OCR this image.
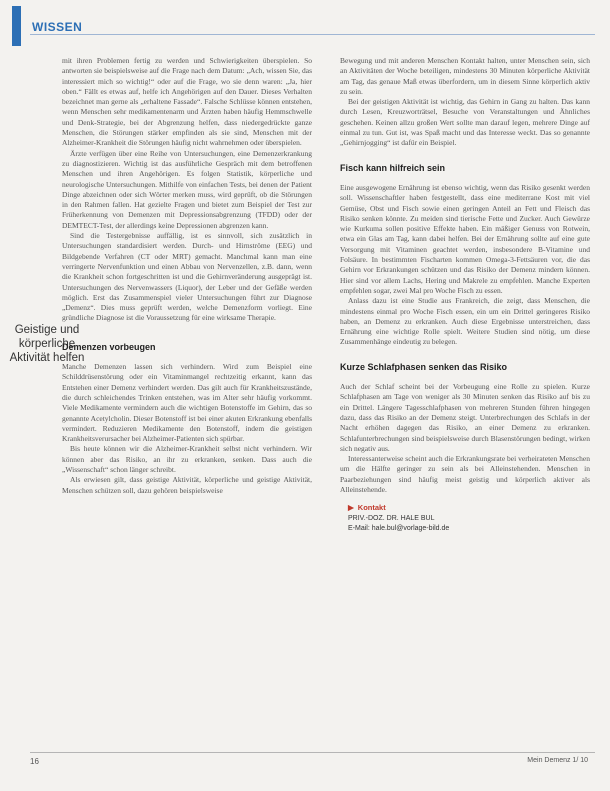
WISSEN
Geistige und körperliche Aktivität helfen

mit ihren Problemen fertig zu werden und Schwierigkeiten überspielen. So antworten sie beispielsweise auf die Frage nach dem Datum: „Ach, wissen Sie, das interessiert mich so wichtig!“ oder auf die Frage, wo sie denn waren: „Ja, hier oben.“ Fällt es etwas auf, helfe ich Angehörigen auf den Dauer. Dieses Verhalten bezeichnet man gerne als „erhaltene Fassade“. Falsche Schlüsse können entstehen, wenn Menschen sehr medikamentenarm und Ärzten haben häufig Hemmschwelle und Denk-Strategie, bei der Abgrenzung helfen, dass niedergedrückte ganze Menschen, die Störungen stärker empfinden als sie sind, Menschen mit der Alzheimer-Krankheit die Störungen häufig nicht wahrnehmen oder überspielen.

Ärzte verfügen über eine Reihe von Untersuchungen, eine Demenzerkrankung zu diagnostizieren. Wichtig ist das ausführliche Gespräch mit dem betroffenen Menschen und ihren Angehörigen. Es folgen Statistik, körperliche und neurologische Untersuchungen. Mithilfe von einfachen Tests, bei denen der Patient Dinge abzeichnen oder sich Wörter merken muss, wird geprüft, ob die Störungen in den Rahmen fallen. Hat gezielte Fragen und bietet zum Beispiel der Test zur Früherkennung von Demenzen mit Depressionsabgrenzung (TFDD) oder der DEMTECT-Test, der allerdings keine Depressionen abgrenzen kann.

Sind die Testergebnisse auffällig, ist es sinnvoll, sich zusätzlich in Untersuchungen standardisiert werden. Durch- und Hirnströme (EEG) und Bildgebende Verfahren (CT oder MRT) gemacht. Manchmal kann man eine verringerte Nervenfunktion und einen Abbau von Nervenzellen, z.B. dann, wenn die Krankheit schon fortgeschritten ist und die Gehirnveränderung ausgeprägt ist. Untersuchungen des Nervenwassers (Liquor), der Leber und der Gefäße werden möglich. Erst das Zusammenspiel vieler Untersuchungen führt zur Diagnose „Demenz“. Dies muss geprüft werden, welche Demenzform vorliegt. Eine gründliche Diagnose ist die Voraussetzung für eine wirksame Therapie.

Demenzen vorbeugen

Manche Demenzen lassen sich verhindern. Wird zum Beispiel eine Schilddrüsenstörung oder ein Vitaminmangel rechtzeitig erkannt, kann das Entstehen einer Demenz verhindert werden. Das gilt auch für Krankheitszustände, die durch schleichendes Trinken entstehen, was im Alter sehr häufig vorkommt. Viele Medikamente vermindern auch die wichtigen Botenstoffe im Gehirn, das so genannte Acetylcholin. Dieser Botenstoff ist bei einer akuten Erkrankung ebenfalls vermindert. Reduzieren Medikamente den Botenstoff, indem die geistigen Krankheitsverursacher bei Alzheimer-Patienten sich spürbar.

Bis heute können wir die Alzheimer-Krankheit selbst nicht verhindern. Wir können aber das Risiko, an ihr zu erkranken, senken. Dass auch die „Wissenschaft“ schon länger schreibt.

Als erwiesen gilt, dass geistige Aktivität, körperliche und geistige Aktivität, Menschen schützen soll, dazu gehören beispielsweise

Bewegung und mit anderen Menschen Kontakt halten, unter Menschen sein, sich an Aktivitäten der Woche beteiligen, mindestens 30 Minuten körperliche Aktivität am Tag, das genaue Maß etwas überfordern, um in diesem Sinne körperlich aktiv zu sein.

Bei der geistigen Aktivität ist wichtig, das Gehirn in Gang zu halten. Das kann durch Lesen, Kreuzworträtsel, Besuche von Veranstaltungen und Ähnliches geschehen. Keinen allzu großen Wert sollte man darauf legen, mehrere Dinge auf einmal zu tun. Gut ist, was Spaß macht und das Interesse weckt. Das so genannte „Gehirnjogging“ ist dafür ein Beispiel.

Fisch kann hilfreich sein

Eine ausgewogene Ernährung ist ebenso wichtig, wenn das Risiko gesenkt werden soll. Wissenschaftler haben festgestellt, dass eine mediterrane Kost mit viel Gemüse, Obst und Fisch sowie einen geringen Anteil an Fett und Fleisch das Risiko senken könnte. Zu meiden sind tierische Fette und Zucker. Auch Gewürze wie Kurkuma sollen positive Effekte haben. Ein mäßiger Genuss von Rotwein, etwa ein Glas am Tag, kann dabei helfen. Bei der Ernährung sollte auf eine gute Versorgung mit Vitaminen geachtet werden, insbesondere B-Vitamine und Folsäure. In bestimmten Fischarten kommen Omega-3-Fettsäuren vor, die das Gehirn vor Erkrankungen schützen und das Risiko der Demenz mindern können. Hier sind vor allem Lachs, Hering und Makrele zu empfehlen. Manche Experten empfehlen sogar, zwei Mal pro Woche Fisch zu essen.

Anlass dazu ist eine Studie aus Frankreich, die zeigt, dass Menschen, die mindestens einmal pro Woche Fisch essen, ein um ein Drittel geringeres Risiko haben, an Demenz zu erkranken. Auch diese Ergebnisse unterstreichen, dass Ernährung eine wichtige Rolle spielt. Weitere Studien sind nötig, um diese Zusammenhänge eindeutig zu belegen.

Kurze Schlafphasen senken das Risiko

Auch der Schlaf scheint bei der Vorbeugung eine Rolle zu spielen. Kurze Schlafphasen am Tage von weniger als 30 Minuten senken das Risiko auf bis zu ein Drittel. Längere Tagesschlafphasen von mehreren Stunden führen hingegen dazu, dass das Risiko an der Demenz steigt. Unterbrechungen des Schlafs in der Nacht erhöhen dagegen das Risiko, an einer Demenz zu erkranken. Schlafunterbrechungen sind beispielsweise durch Blasenstörungen bedingt, wirken sich negativ aus.

Interessanterweise scheint auch die Erkrankungsrate bei verheirateten Menschen um die Hälfte geringer zu sein als bei Alleinstehenden. Menschen in Paarbeziehungen sind häufig meist geistig und körperlich aktiver als Alleinstehende.

▶ Kontakt

PRIV.-DOZ. DR. HALE BUL

E-Mail: hale.bul@vorlage-bild.de

16	Mein Demenz 1/ 10
